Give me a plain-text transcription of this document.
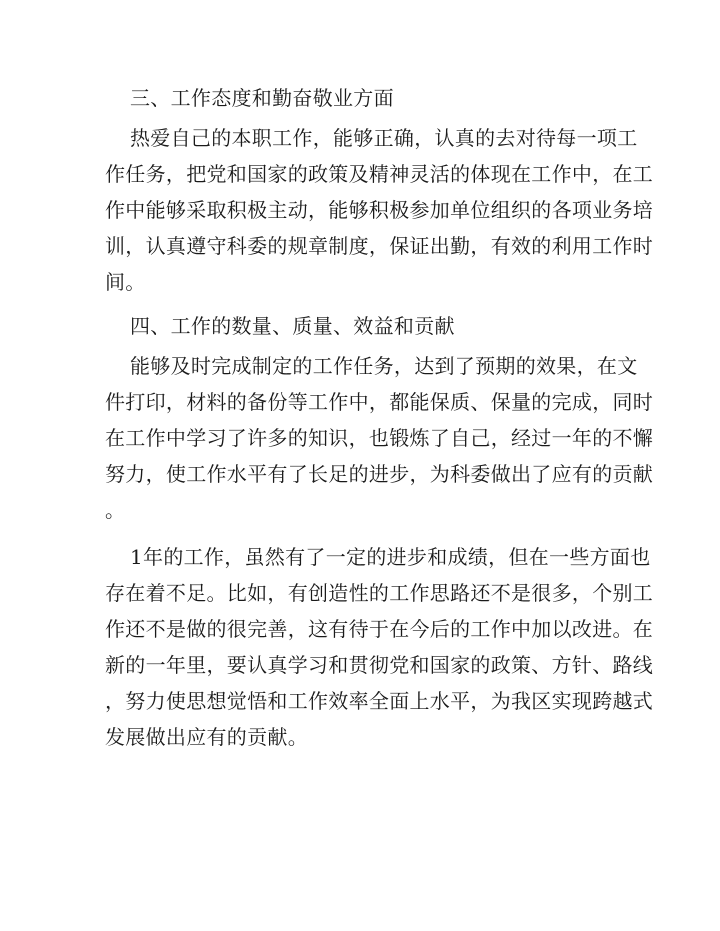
三、工作态度和勤奋敬业方面
热爱自己的本职工作，能够正确，认真的去对待每一项工
作任务，把党和国家的政策及精神灵活的体现在工作中，在工
作中能够采取积极主动，能够积极参加单位组织的各项业务培
训，认真遵守科委的规章制度，保证出勤，有效的利用工作时
间。
四、工作的数量、质量、效益和贡献
能够及时完成制定的工作任务，达到了预期的效果，在文
件打印，材料的备份等工作中，都能保质、保量的完成，同时
在工作中学习了许多的知识，也锻炼了自己，经过一年的不懈
努力，使工作水平有了长足的进步，为科委做出了应有的贡献
。
1年的工作，虽然有了一定的进步和成绩，但在一些方面也
存在着不足。比如，有创造性的工作思路还不是很多，个别工
作还不是做的很完善，这有待于在今后的工作中加以改进。在
新的一年里，要认真学习和贯彻党和国家的政策、方针、路线
，努力使思想觉悟和工作效率全面上水平，为我区实现跨越式
发展做出应有的贡献。
